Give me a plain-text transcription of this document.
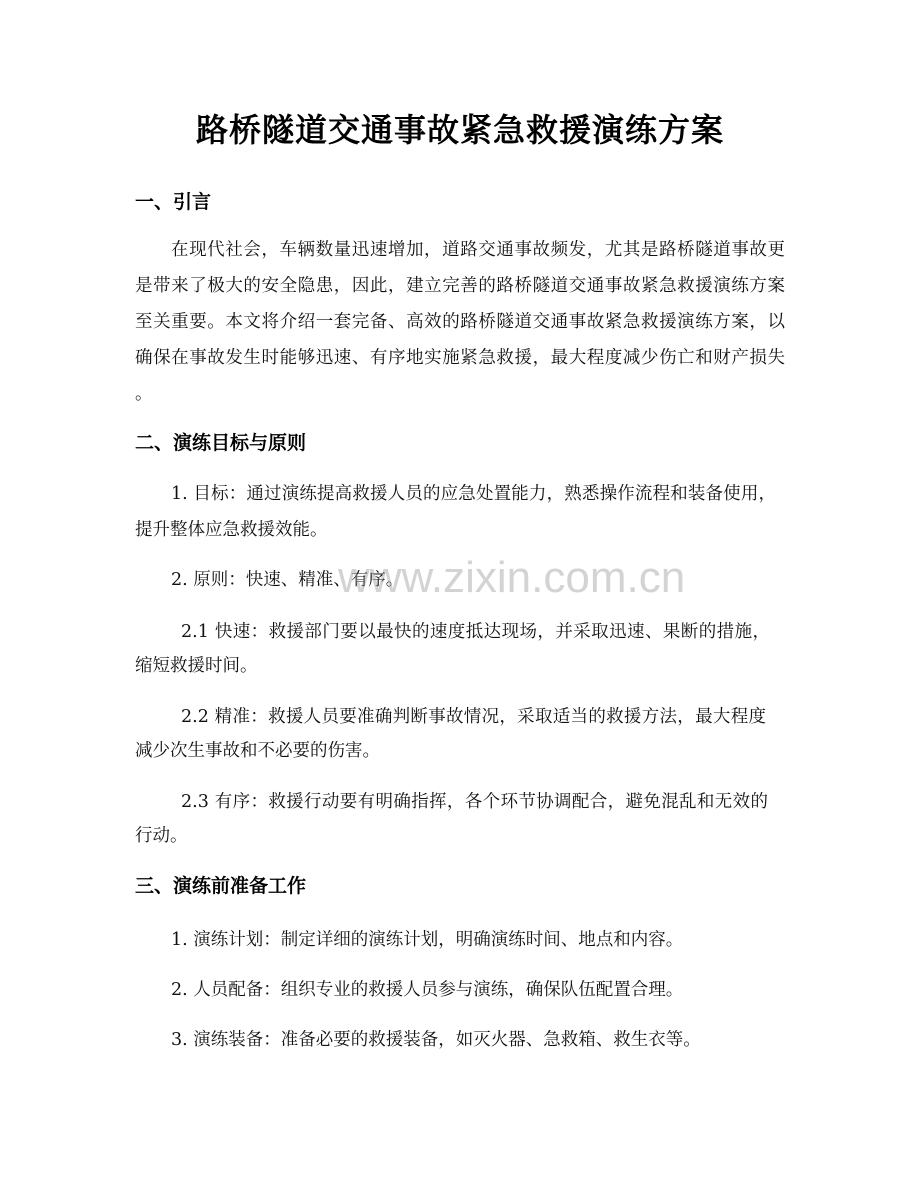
路桥隧道交通事故紧急救援演练方案
一、引言
在现代社会，车辆数量迅速增加，道路交通事故频发，尤其是路桥隧道事故更
是带来了极大的安全隐患，因此，建立完善的路桥隧道交通事故紧急救援演练方案
至关重要。本文将介绍一套完备、高效的路桥隧道交通事故紧急救援演练方案，以
确保在事故发生时能够迅速、有序地实施紧急救援，最大程度减少伤亡和财产损失
。
二、演练目标与原则
1. 目标：通过演练提高救援人员的应急处置能力，熟悉操作流程和装备使用，
提升整体应急救援效能。
2. 原则：快速、精准、有序。
2.1 快速：救援部门要以最快的速度抵达现场，并采取迅速、果断的措施，
缩短救援时间。
2.2 精准：救援人员要准确判断事故情况，采取适当的救援方法，最大程度
减少次生事故和不必要的伤害。
2.3 有序：救援行动要有明确指挥，各个环节协调配合，避免混乱和无效的
行动。
三、演练前准备工作
1. 演练计划：制定详细的演练计划，明确演练时间、地点和内容。
2. 人员配备：组织专业的救援人员参与演练，确保队伍配置合理。
3. 演练装备：准备必要的救援装备，如灭火器、急救箱、救生衣等。
www.zixin.com.cn
